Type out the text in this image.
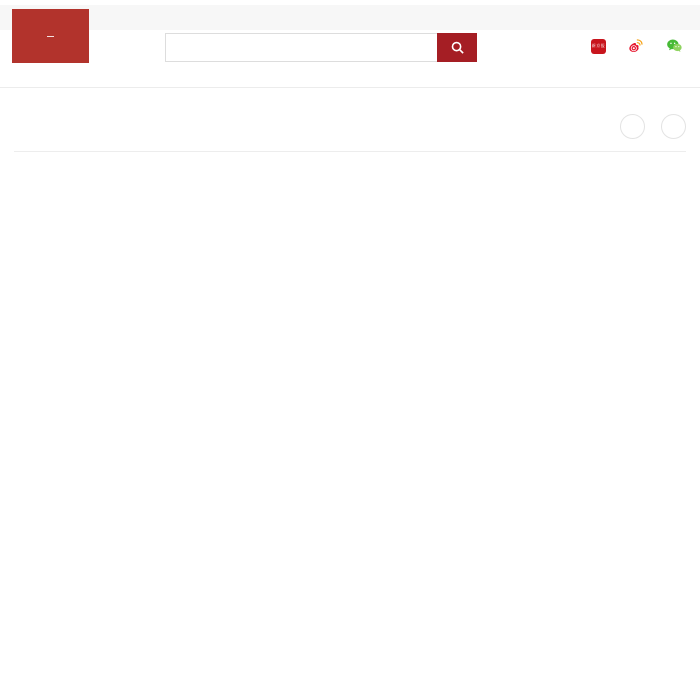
新京报
